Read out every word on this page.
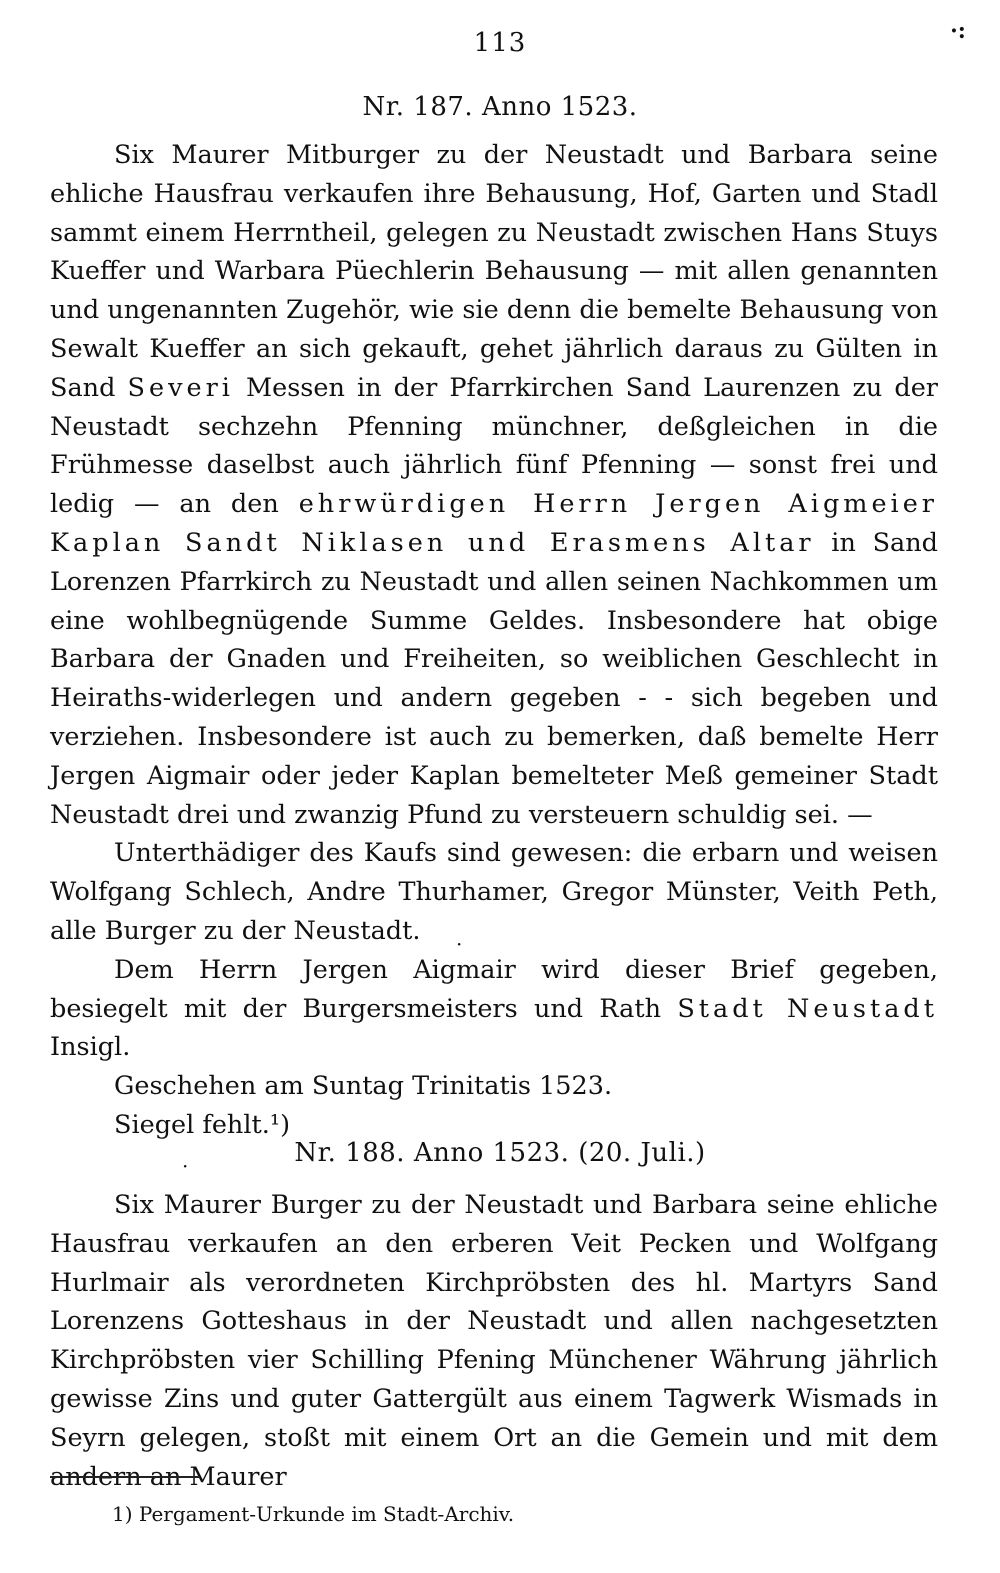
113	·:
Nr. 187. Anno 1523.

Six Maurer Mitburger zu der Neustadt und Barbara seine ehliche Hausfrau verkaufen ihre Behausung, Hof, Garten und Stadl sammt einem Herrntheil, gelegen zu Neustadt zwischen Hans Stuys Kueffer und Warbara Püechlerin Behausung — mit allen genannten und ungenannten Zugehör, wie sie denn die bemelte Behausung von Sewalt Kueffer an sich gekauft, gehet jährlich daraus zu Gülten in Sand Severi Messen in der Pfarrkirchen Sand Laurenzen zu der Neustadt sechzehn Pfenning münchner, deßgleichen in die Frühmesse daselbst auch jährlich fünf Pfenning — sonst frei und ledig — an den ehrwürdigen Herrn Jergen Aigmeier Kaplan Sandt Niklasen und Erasmens Altar in Sand Lorenzen Pfarrkirch zu Neustadt und allen seinen Nachkommen um eine wohlbegnügende Summe Geldes. Insbesondere hat obige Barbara der Gnaden und Freiheiten, so weiblichen Geschlecht in Heiraths-widerlegen und andern gegeben - - sich begeben und verziehen. Insbesondere ist auch zu bemerken, daß bemelte Herr Jergen Aigmair oder jeder Kaplan bemelteter Meß gemeiner Stadt Neustadt drei und zwanzig Pfund zu versteuern schuldig sei. —

Unterthädiger des Kaufs sind gewesen: die erbarn und weisen Wolfgang Schlech, Andre Thurhamer, Gregor Münster, Veith Peth, alle Burger zu der Neustadt.

Dem Herrn Jergen Aigmair wird dieser Brief gegeben, besiegelt mit der Burgersmeisters und Rath Stadt Neustadt Insigl.

Geschehen am Suntag Trinitatis 1523.

Siegel fehlt.¹)

·
·	Nr. 188. Anno 1523. (20. Juli.)

Six Maurer Burger zu der Neustadt und Barbara seine ehliche Hausfrau verkaufen an den erberen Veit Pecken und Wolfgang Hurlmair als verordneten Kirchpröbsten des hl. Martyrs Sand Lorenzens Gotteshaus in der Neustadt und allen nachgesetzten Kirchpröbsten vier Schilling Pfening Münchener Währung jährlich gewisse Zins und guter Gattergült aus einem Tagwerk Wismads in Seyrn gelegen, stoßt mit einem Ort an die Gemein und mit dem andern an Maurer

1) Pergament-Urkunde im Stadt-Archiv.
